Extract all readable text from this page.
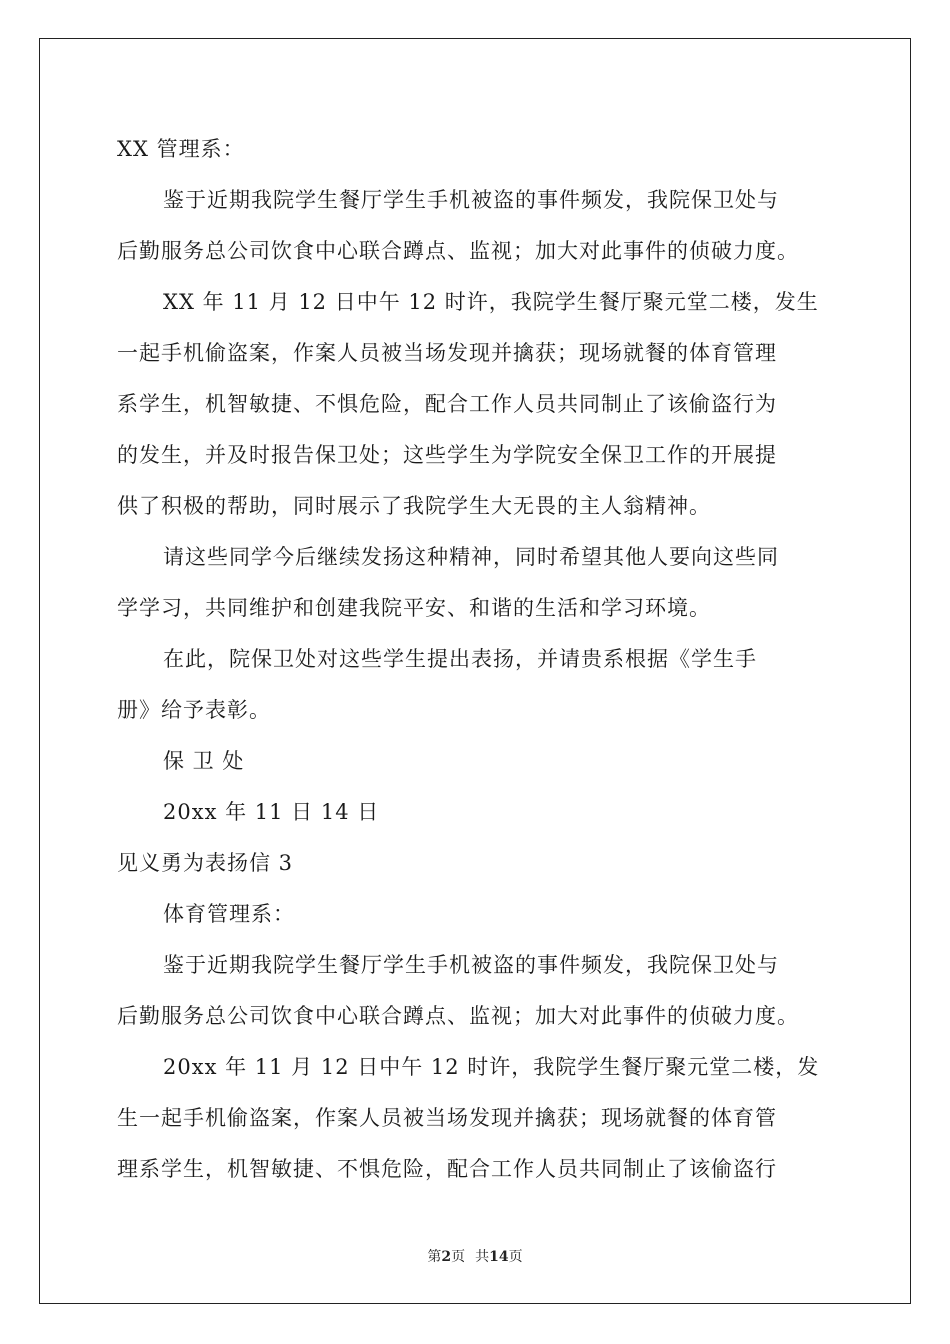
XX 管理系：
鉴于近期我院学生餐厅学生手机被盗的事件频发，我院保卫处与
后勤服务总公司饮食中心联合蹲点、监视；加大对此事件的侦破力度。
XX 年 11 月 12 日中午 12 时许，我院学生餐厅聚元堂二楼，发生
一起手机偷盗案，作案人员被当场发现并擒获；现场就餐的体育管理
系学生，机智敏捷、不惧危险，配合工作人员共同制止了该偷盗行为
的发生，并及时报告保卫处；这些学生为学院安全保卫工作的开展提
供了积极的帮助，同时展示了我院学生大无畏的主人翁精神。
请这些同学今后继续发扬这种精神，同时希望其他人要向这些同
学学习，共同维护和创建我院平安、和谐的生活和学习环境。
在此，院保卫处对这些学生提出表扬，并请贵系根据《学生手
册》给予表彰。
保 卫 处
20xx 年 11 日 14 日
见义勇为表扬信 3
体育管理系：
鉴于近期我院学生餐厅学生手机被盗的事件频发，我院保卫处与
后勤服务总公司饮食中心联合蹲点、监视；加大对此事件的侦破力度。
20xx 年 11 月 12 日中午 12 时许，我院学生餐厅聚元堂二楼，发
生一起手机偷盗案，作案人员被当场发现并擒获；现场就餐的体育管
理系学生，机智敏捷、不惧危险，配合工作人员共同制止了该偷盗行
第2页 共14页
